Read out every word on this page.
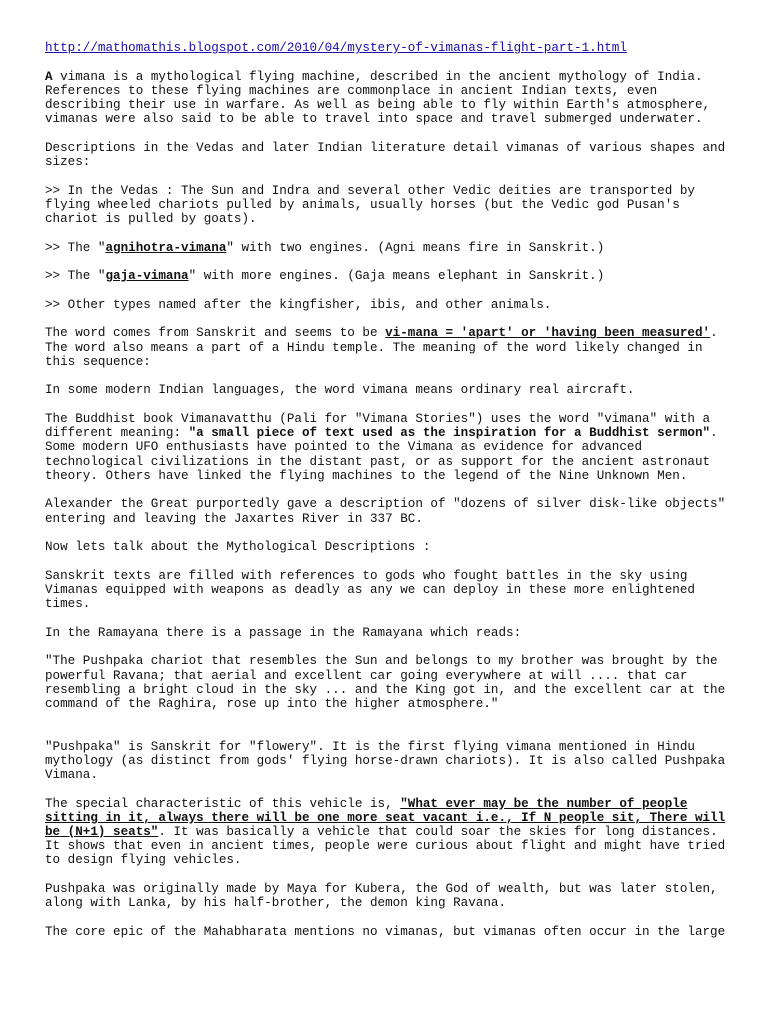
http://mathomathis.blogspot.com/2010/04/mystery-of-vimanas-flight-part-1.html

A vimana is a mythological flying machine, described in the ancient mythology of India. References to these flying machines are commonplace in ancient Indian texts, even describing their use in warfare. As well as being able to fly within Earth's atmosphere, vimanas were also said to be able to travel into space and travel submerged underwater.

Descriptions in the Vedas and later Indian literature detail vimanas of various shapes and sizes:

>> In the Vedas : The Sun and Indra and several other Vedic deities are transported by flying wheeled chariots pulled by animals, usually horses (but the Vedic god Pusan's chariot is pulled by goats).

>> The "agnihotra-vimana" with two engines. (Agni means fire in Sanskrit.)

>> The "gaja-vimana" with more engines. (Gaja means elephant in Sanskrit.)

>> Other types named after the kingfisher, ibis, and other animals.

The word comes from Sanskrit and seems to be vi-mana = 'apart' or 'having been measured'. The word also means a part of a Hindu temple. The meaning of the word likely changed in this sequence:

In some modern Indian languages, the word vimana means ordinary real aircraft.

The Buddhist book Vimanavatthu (Pali for "Vimana Stories") uses the word "vimana" with a different meaning: "a small piece of text used as the inspiration for a Buddhist sermon". Some modern UFO enthusiasts have pointed to the Vimana as evidence for advanced technological civilizations in the distant past, or as support for the ancient astronaut theory. Others have linked the flying machines to the legend of the Nine Unknown Men.

Alexander the Great purportedly gave a description of "dozens of silver disk-like objects" entering and leaving the Jaxartes River in 337 BC.

Now lets talk about the Mythological Descriptions :

Sanskrit texts are filled with references to gods who fought battles in the sky using Vimanas equipped with weapons as deadly as any we can deploy in these more enlightened times.

In the Ramayana there is a passage in the Ramayana which reads:

"The Pushpaka chariot that resembles the Sun and belongs to my brother was brought by the powerful Ravana; that aerial and excellent car going everywhere at will .... that car resembling a bright cloud in the sky ... and the King got in, and the excellent car at the command of the Raghira, rose up into the higher atmosphere."

"Pushpaka" is Sanskrit for "flowery". It is the first flying vimana mentioned in Hindu mythology (as distinct from gods' flying horse-drawn chariots). It is also called Pushpaka Vimana.

The special characteristic of this vehicle is, "What ever may be the number of people sitting in it, always there will be one more seat vacant i.e., If N people sit, There will be (N+1) seats". It was basically a vehicle that could soar the skies for long distances. It shows that even in ancient times, people were curious about flight and might have tried to design flying vehicles.

Pushpaka was originally made by Maya for Kubera, the God of wealth, but was later stolen, along with Lanka, by his half-brother, the demon king Ravana.

The core epic of the Mahabharata mentions no vimanas, but vimanas often occur in the large
